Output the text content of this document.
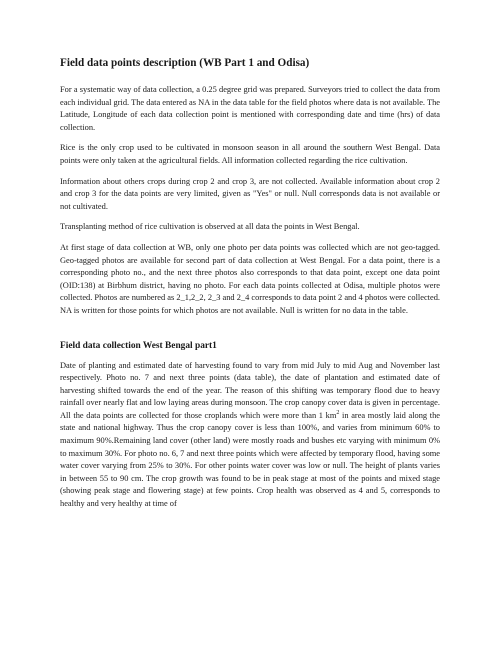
Field data points description (WB Part 1 and Odisa)

For a systematic way of data collection, a 0.25 degree grid was prepared. Surveyors tried to collect the data from each individual grid. The data entered as NA in the data table for the field photos where data is not available. The Latitude, Longitude of each data collection point is mentioned with corresponding date and time (hrs) of data collection.

Rice is the only crop used to be cultivated in monsoon season in all around the southern West Bengal. Data points were only taken at the agricultural fields. All information collected regarding the rice cultivation.

Information about others crops during crop 2 and crop 3, are not collected. Available information about crop 2 and crop 3 for the data points are very limited, given as "Yes" or null. Null corresponds data is not available or not cultivated.

Transplanting method of rice cultivation is observed at all data the points in West Bengal.

At first stage of data collection at WB, only one photo per data points was collected which are not geo-tagged. Geo-tagged photos are available for second part of data collection at West Bengal. For a data point, there is a corresponding photo no., and the next three photos also corresponds to that data point, except one data point (OID:138) at Birbhum district, having no photo. For each data points collected at Odisa, multiple photos were collected. Photos are numbered as 2_1,2_2, 2_3 and 2_4 corresponds to data point 2 and 4 photos were collected. NA is written for those points for which photos are not available. Null is written for no data in the table.

Field data collection West Bengal part1

Date of planting and estimated date of harvesting found to vary from mid July to mid Aug and November last respectively. Photo no. 7 and next three points (data table), the date of plantation and estimated date of harvesting shifted towards the end of the year. The reason of this shifting was temporary flood due to heavy rainfall over nearly flat and low laying areas during monsoon. The crop canopy cover data is given in percentage. All the data points are collected for those croplands which were more than 1 $km^2$ in area mostly laid along the state and national highway. Thus the crop canopy cover is less than 100%, and varies from minimum 60% to maximum 90%.Remaining land cover (other land) were mostly roads and bushes etc varying with minimum 0% to maximum 30%. For photo no. 6, 7 and next three points which were affected by temporary flood, having some water cover varying from 25% to 30%. For other points water cover was low or null. The height of plants varies in between 55 to 90 cm. The crop growth was found to be in peak stage at most of the points and mixed stage (showing peak stage and flowering stage) at few points. Crop health was observed as 4 and 5, corresponds to healthy and very healthy at time of
